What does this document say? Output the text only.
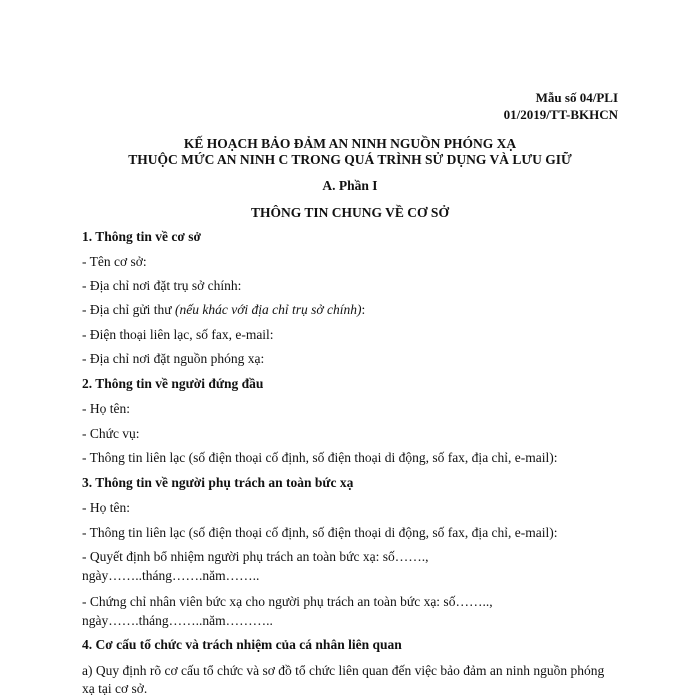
Mẫu số 04/PLI
01/2019/TT-BKHCN
KẾ HOẠCH BẢO ĐẢM AN NINH NGUỒN PHÓNG XẠ
THUỘC MỨC AN NINH C TRONG QUÁ TRÌNH SỬ DỤNG VÀ LƯU GIỮ
A. Phần I
THÔNG TIN CHUNG VỀ CƠ SỞ
1. Thông tin về cơ sở
- Tên cơ sở:
- Địa chỉ nơi đặt trụ sở chính:
- Địa chỉ gửi thư (nếu khác với địa chỉ trụ sở chính):
- Điện thoại liên lạc, số fax, e-mail:
- Địa chỉ nơi đặt nguồn phóng xạ:
2. Thông tin về người đứng đầu
- Họ tên:
- Chức vụ:
- Thông tin liên lạc (số điện thoại cố định, số điện thoại di động, số fax, địa chỉ, e-mail):
3. Thông tin về người phụ trách an toàn bức xạ
- Họ tên:
- Thông tin liên lạc (số điện thoại cố định, số điện thoại di động, số fax, địa chỉ, e-mail):
- Quyết định bổ nhiệm người phụ trách an toàn bức xạ: số…….,
ngày……..tháng…….năm……..
- Chứng chỉ nhân viên bức xạ cho người phụ trách an toàn bức xạ: số……..,
ngày…….tháng……..năm………..
4. Cơ cấu tổ chức và trách nhiệm của cá nhân liên quan
a) Quy định rõ cơ cấu tổ chức và sơ đồ tổ chức liên quan đến việc bảo đảm an ninh nguồn phóng
xạ tại cơ sở.
